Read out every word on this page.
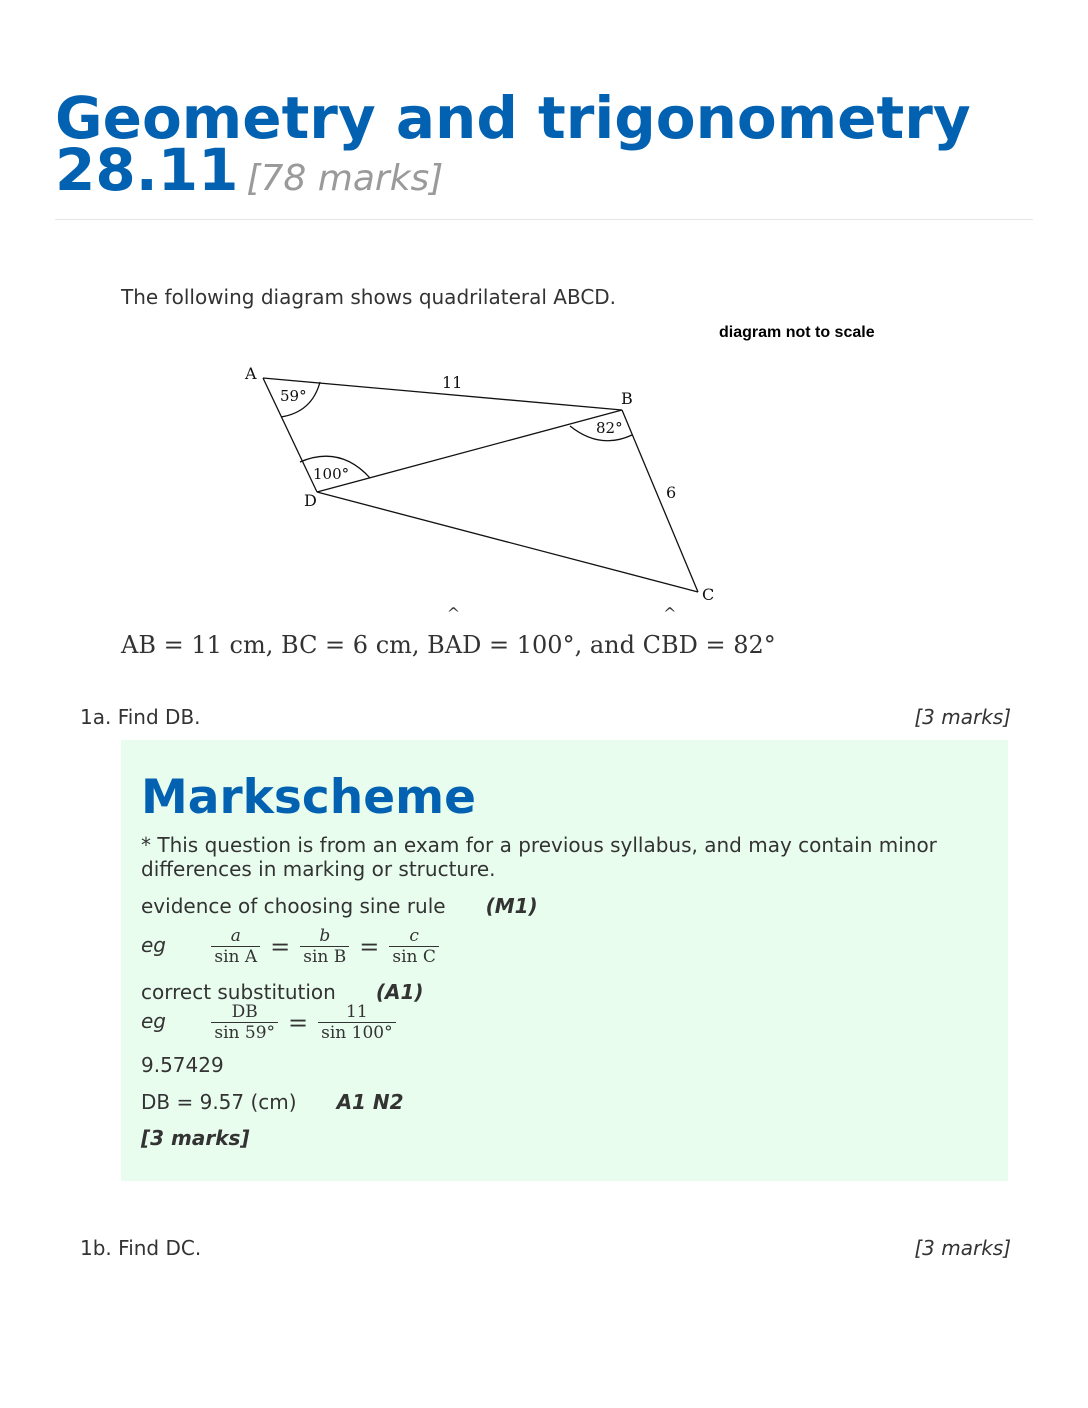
Geometry and trigonometry
28.11 [78 marks]
The following diagram shows quadrilateral ABCD.
diagram not to scale
A
B
C
D
11
6
59°
82°
100°
AB = 11 cm, BC = 6 cm, B^ AD = 100°, and C^ BD = 82°
1a. Find DB.	[3 marks]
Markscheme
* This question is from an exam for a previous syllabus, and may contain minor differences in marking or structure.
evidence of choosing sine rule (M1)
eg	$\frac{a}{\text{sin A}} = \frac{b}{\text{sin B}} = \frac{c}{\text{sin C}}$
correct substitution (A1)
eg	$\frac{DB}{\sin 59^\circ} = \frac{11}{\sin 100^\circ}$
9.57429
DB = 9.57 (cm) A1 N2
[3 marks]
1b. Find DC.	[3 marks]
